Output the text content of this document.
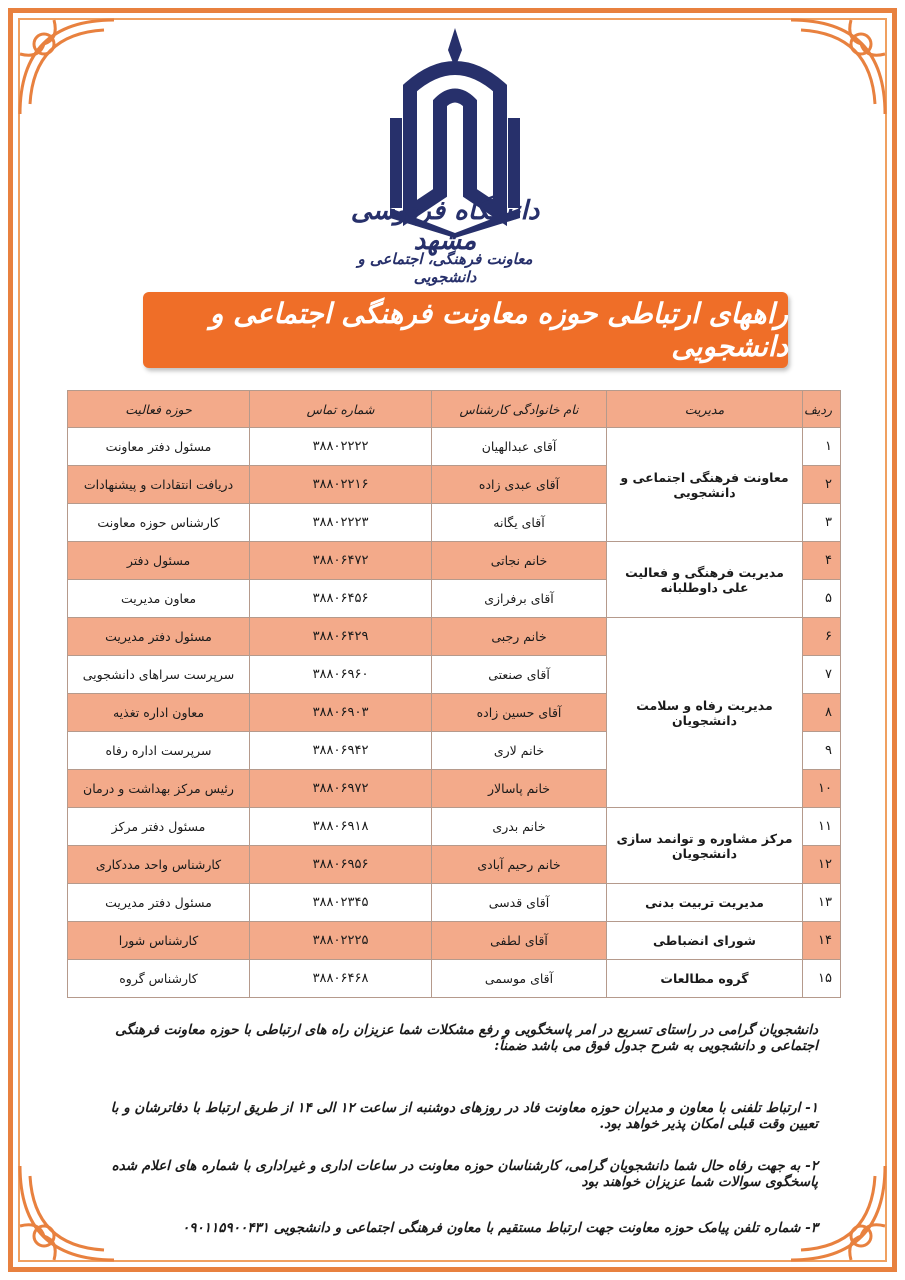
دانشگاه فردوسی مشهد
معاونت فرهنگی، اجتماعی و دانشجویی
راههای ارتباطی حوزه معاونت فرهنگی اجتماعی و دانشجویی
ردیف	مدیریت	نام خانوادگی کارشناس	شماره تماس	حوزه فعالیت
۱	معاونت فرهنگی اجتماعی و دانشجویی	آقای عبدالهیان	۳۸۸۰۲۲۲۲	مسئول دفتر معاونت
۲		آقای عبدی زاده	۳۸۸۰۲۲۱۶	دریافت انتقادات و پیشنهادات
۳		آقای یگانه	۳۸۸۰۲۲۲۳	کارشناس حوزه معاونت
۴	مدیریت فرهنگی و فعالیت علی داوطلبانه	خانم نجاتی	۳۸۸۰۶۴۷۲	مسئول دفتر
۵		آقای برفرازی	۳۸۸۰۶۴۵۶	معاون مدیریت
۶	مدیریت رفاه و سلامت دانشجویان	خانم رجبی	۳۸۸۰۶۴۲۹	مسئول دفتر مدیریت
۷		آقای صنعتی	۳۸۸۰۶۹۶۰	سرپرست سراهای دانشجویی
۸		آقای حسین زاده	۳۸۸۰۶۹۰۳	معاون اداره تغذیه
۹		خانم لاری	۳۸۸۰۶۹۴۲	سرپرست اداره رفاه
۱۰		خانم پاسالار	۳۸۸۰۶۹۷۲	رئیس مرکز بهداشت و درمان
۱۱	مرکز مشاوره و توانمد سازی دانشجویان	خانم بدری	۳۸۸۰۶۹۱۸	مسئول دفتر مرکز
۱۲		خانم رحیم آبادی	۳۸۸۰۶۹۵۶	کارشناس واحد مددکاری
۱۳	مدیریت تربیت بدنی	آقای قدسی	۳۸۸۰۲۳۴۵	مسئول دفتر مدیریت
۱۴	شورای انضباطی	آقای لطفی	۳۸۸۰۲۲۲۵	کارشناس شورا
۱۵	گروه مطالعات	آقای موسمی	۳۸۸۰۶۴۶۸	کارشناس گروه

دانشجویان گرامی در راستای تسریع در امر پاسخگویی و رفع مشکلات شما عزیزان راه های ارتباطی با حوزه معاونت فرهنگی اجتماعی و دانشجویی به شرح جدول فوق می باشد ضمناً:

۱- ارتباط تلفنی با معاون و مدیران حوزه معاونت فاد در روزهای دوشنبه از ساعت ۱۲ الی ۱۴ از طریق ارتباط با دفاترشان و با تعیین وقت قبلی امکان پذیر خواهد بود.

۲- به جهت رفاه حال شما دانشجویان گرامی، کارشناسان حوزه معاونت در ساعات اداری و غیراداری با شماره های اعلام شده پاسخگوی سوالات شما عزیزان خواهند بود

۳- شماره تلفن پیامک حوزه معاونت جهت ارتباط مستقیم با معاون فرهنگی اجتماعی و دانشجویی ۰۹۰۱۱۵۹۰۰۴۳۱
